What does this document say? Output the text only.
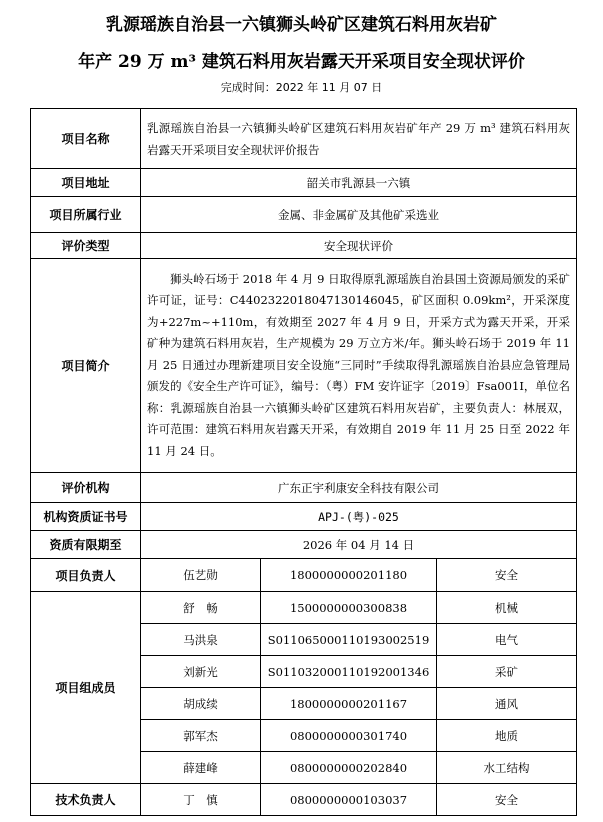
乳源瑶族自治县一六镇狮头岭矿区建筑石料用灰岩矿
年产 29 万 m³ 建筑石料用灰岩露天开采项目安全现状评价
完成时间：2022 年 11 月 07 日
项目名称	乳源瑶族自治县一六镇狮头岭矿区建筑石料用灰岩矿年产 29 万 m³ 建筑石料用灰岩露天开采项目安全现状评价报告		
项目地址	韶关市乳源县一六镇		
项目所属行业	金属、非金属矿及其他矿采选业		
评价类型	安全现状评价		
项目简介	狮头岭石场于 2018 年 4 月 9 日取得原乳源瑶族自治县国土资源局颁发的采矿许可证，证号：C4402322018047130146045，矿区面积 0.09km²，开采深度为+227m~+110m，有效期至 2027 年 4 月 9 日，开采方式为露天开采，开采矿种为建筑石料用灰岩，生产规模为 29 万立方米/年。狮头岭石场于 2019 年 11 月 25 日通过办理新建项目安全设施“三同时”手续取得乳源瑶族自治县应急管理局颁发的《安全生产许可证》，编号：（粤）FM 安许证字〔2019〕Fsa001Ⅰ，单位名称：乳源瑶族自治县一六镇狮头岭矿区建筑石料用灰岩矿，主要负责人：林展双，许可范围：建筑石料用灰岩露天开采，有效期自 2019 年 11 月 25 日至 2022 年 11 月 24 日。		
评价机构	广东正宇利康安全科技有限公司		
机构资质证书号	APJ-(粤)-025		
资质有限期至	2026 年 04 月 14 日		
项目负责人	伍艺勋	1800000000201180	安全
项目组成员	舒　畅	1500000000300838	机械
	马洪泉	S011065000110193002519	电气
	刘新光	S011032000110192001346	采矿
	胡成续	1800000000201167	通风
	郭军杰	0800000000301740	地质
	薛建峰	0800000000202840	水工结构
技术负责人	丁　慎	0800000000103037	安全
